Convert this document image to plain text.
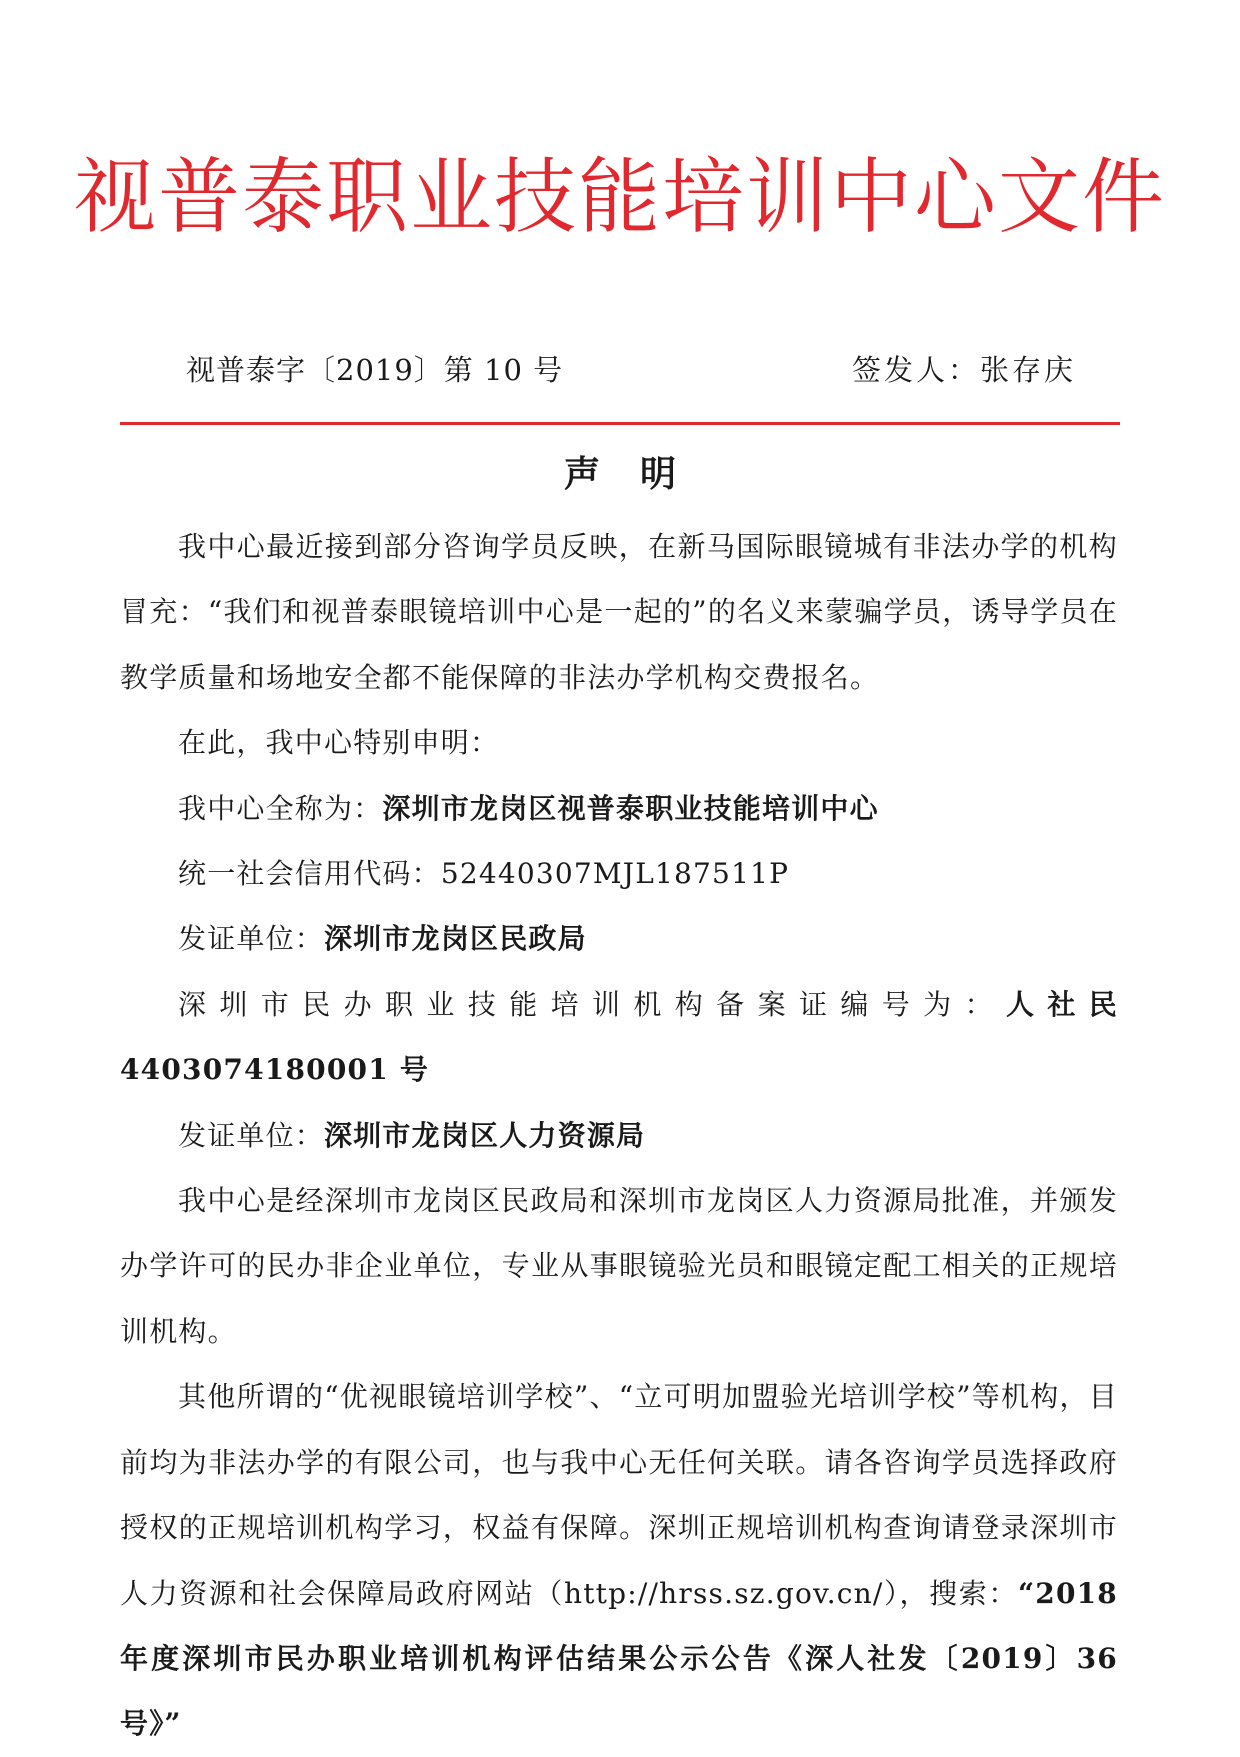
视普泰职业技能培训中心文件
视普泰字〔2019〕第 10 号	签发人：张存庆
声明

我中心最近接到部分咨询学员反映，在新马国际眼镜城有非法办学的机构冒充：“我们和视普泰眼镜培训中心是一起的”的名义来蒙骗学员，诱导学员在教学质量和场地安全都不能保障的非法办学机构交费报名。

在此，我中心特别申明：

我中心全称为：深圳市龙岗区视普泰职业技能培训中心

统一社会信用代码：52440307MJL187511P

发证单位：深圳市龙岗区民政局

深圳市民办职业技能培训机构备案证编号为：人社民 4403074180001 号

发证单位：深圳市龙岗区人力资源局

我中心是经深圳市龙岗区民政局和深圳市龙岗区人力资源局批准，并颁发办学许可的民办非企业单位，专业从事眼镜验光员和眼镜定配工相关的正规培训机构。

其他所谓的“优视眼镜培训学校”、“立可明加盟验光培训学校”等机构，目前均为非法办学的有限公司，也与我中心无任何关联。请各咨询学员选择政府授权的正规培训机构学习，权益有保障。深圳正规培训机构查询请登录深圳市人力资源和社会保障局政府网站（http://hrss.sz.gov.cn/），搜索：“2018年度深圳市民办职业培训机构评估结果公示公告《深人社发〔2019〕36 号》”
